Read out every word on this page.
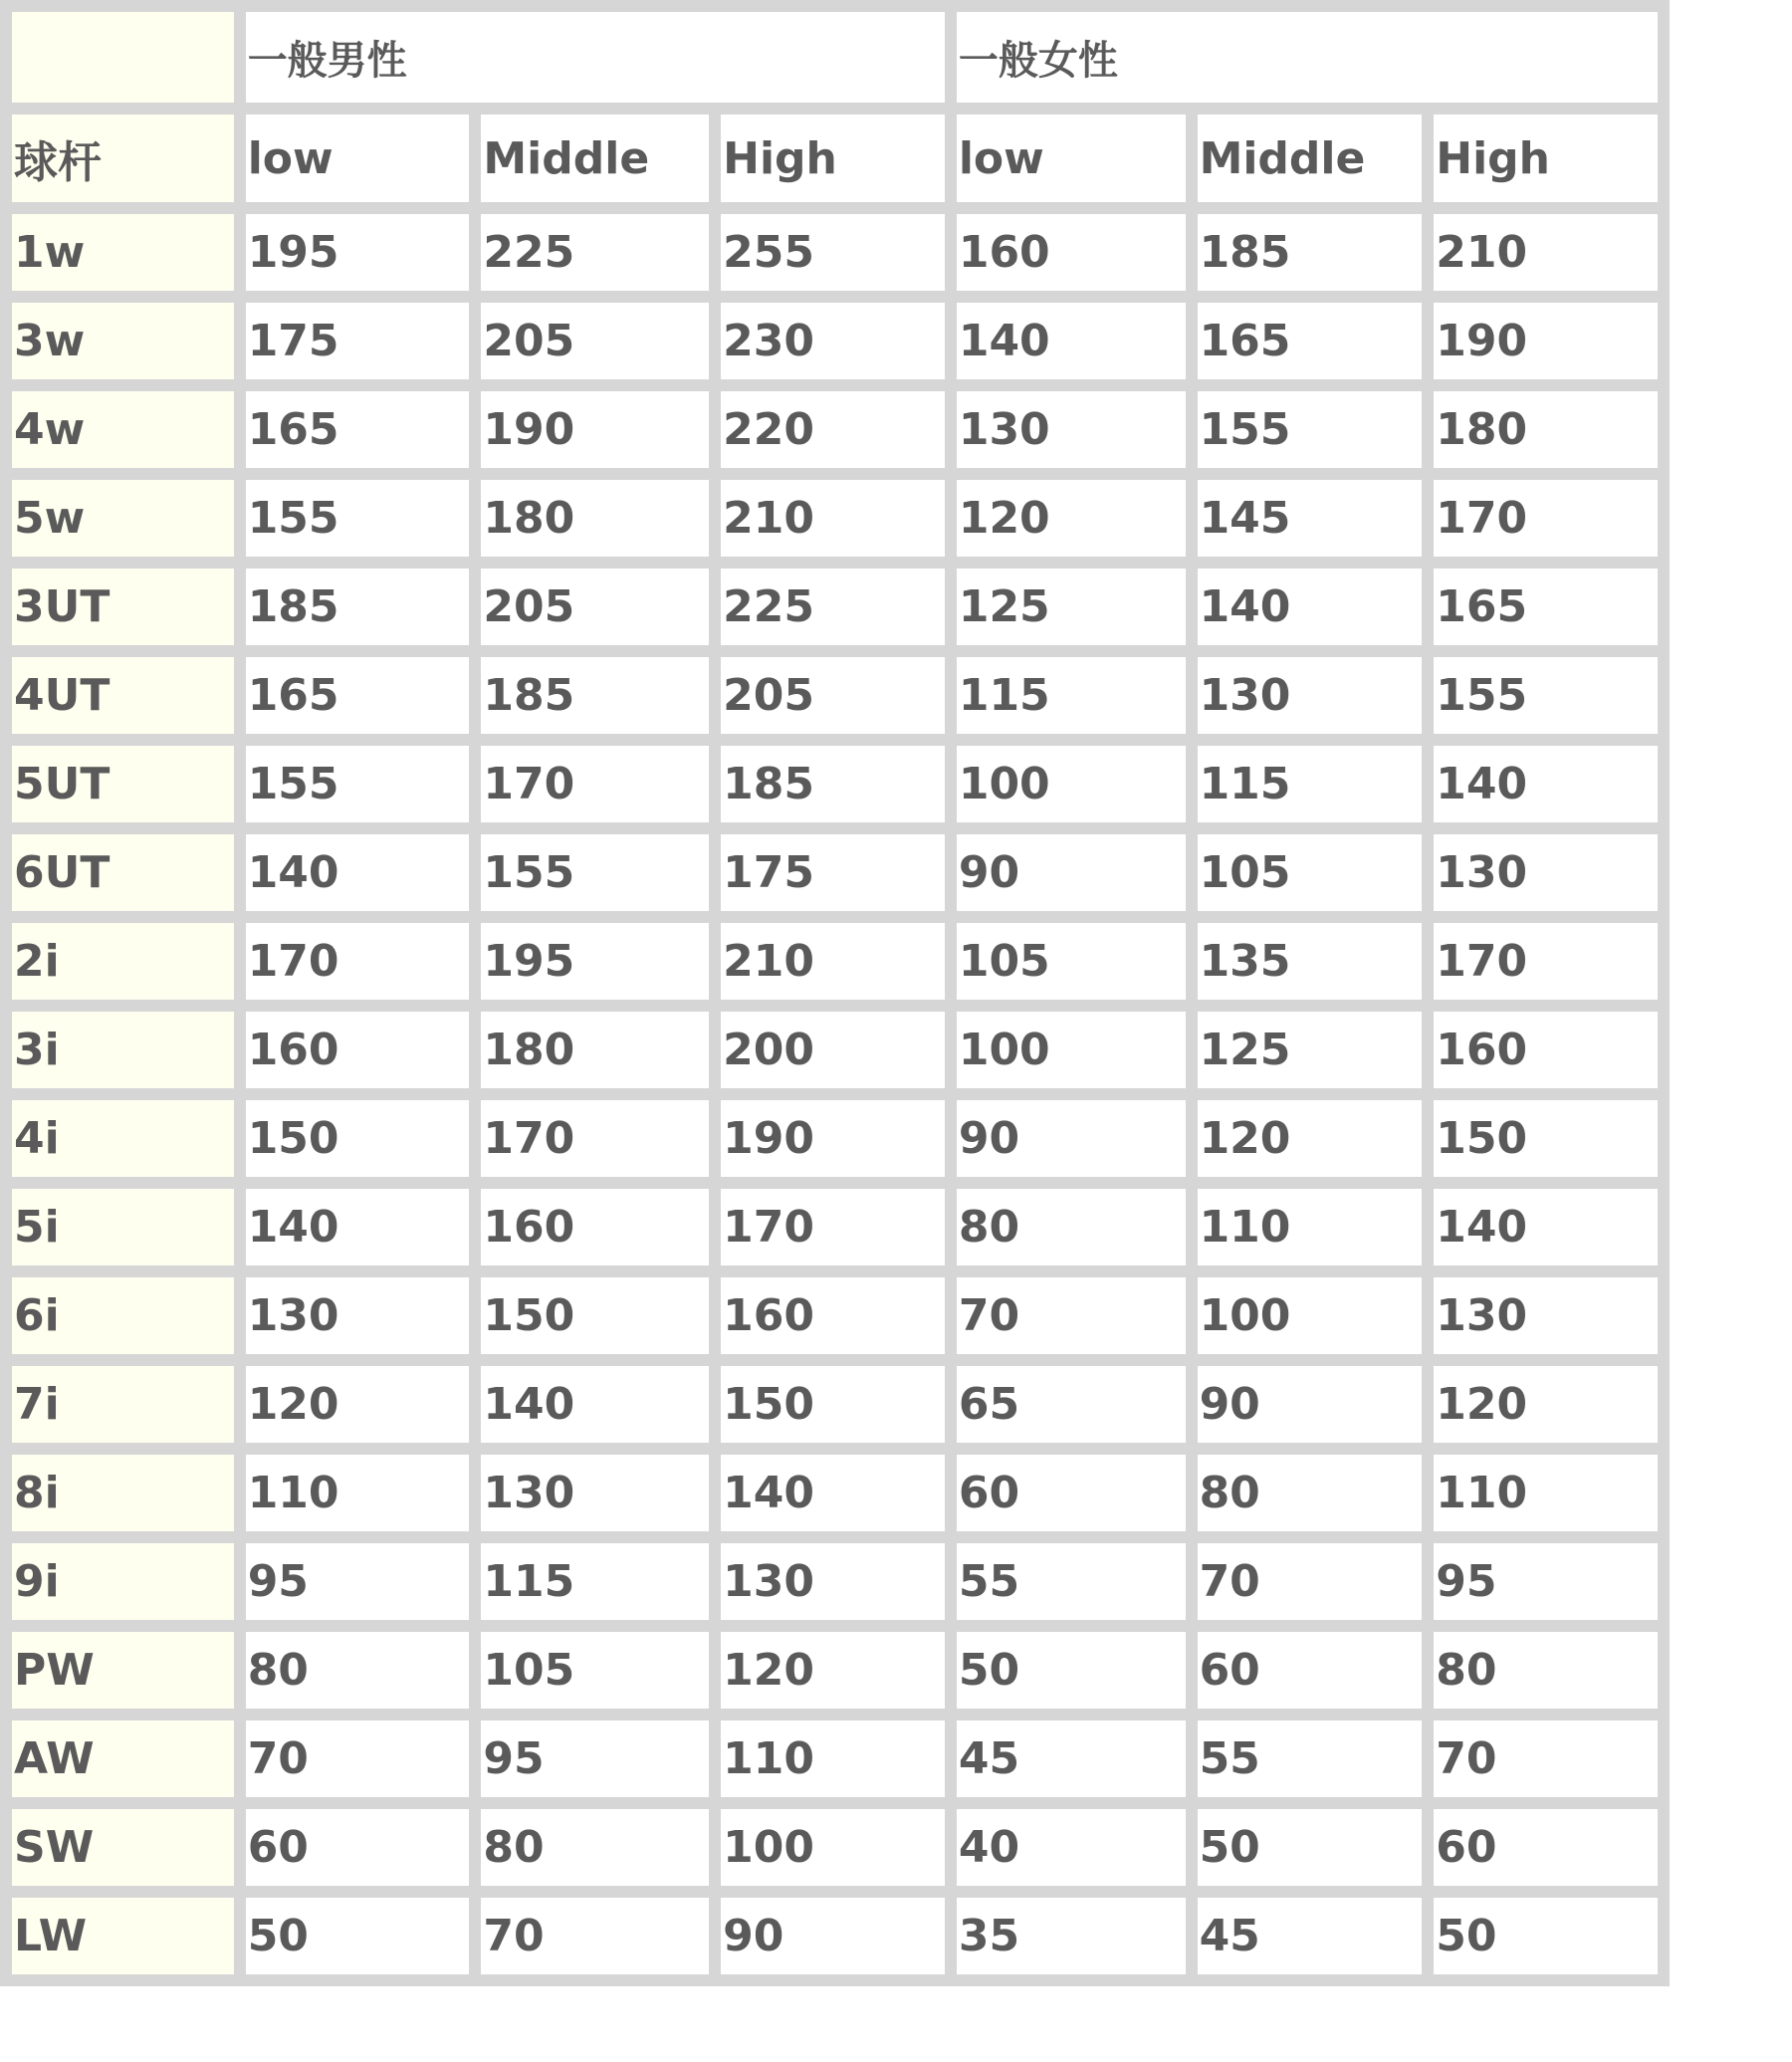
	一般男性			一般女性		
球杆	low	Middle	High	low	Middle	High
1w	195	225	255	160	185	210
3w	175	205	230	140	165	190
4w	165	190	220	130	155	180
5w	155	180	210	120	145	170
3UT	185	205	225	125	140	165
4UT	165	185	205	115	130	155
5UT	155	170	185	100	115	140
6UT	140	155	175	90	105	130
2i	170	195	210	105	135	170
3i	160	180	200	100	125	160
4i	150	170	190	90	120	150
5i	140	160	170	80	110	140
6i	130	150	160	70	100	130
7i	120	140	150	65	90	120
8i	110	130	140	60	80	110
9i	95	115	130	55	70	95
PW	80	105	120	50	60	80
AW	70	95	110	45	55	70
SW	60	80	100	40	50	60
LW	50	70	90	35	45	50
